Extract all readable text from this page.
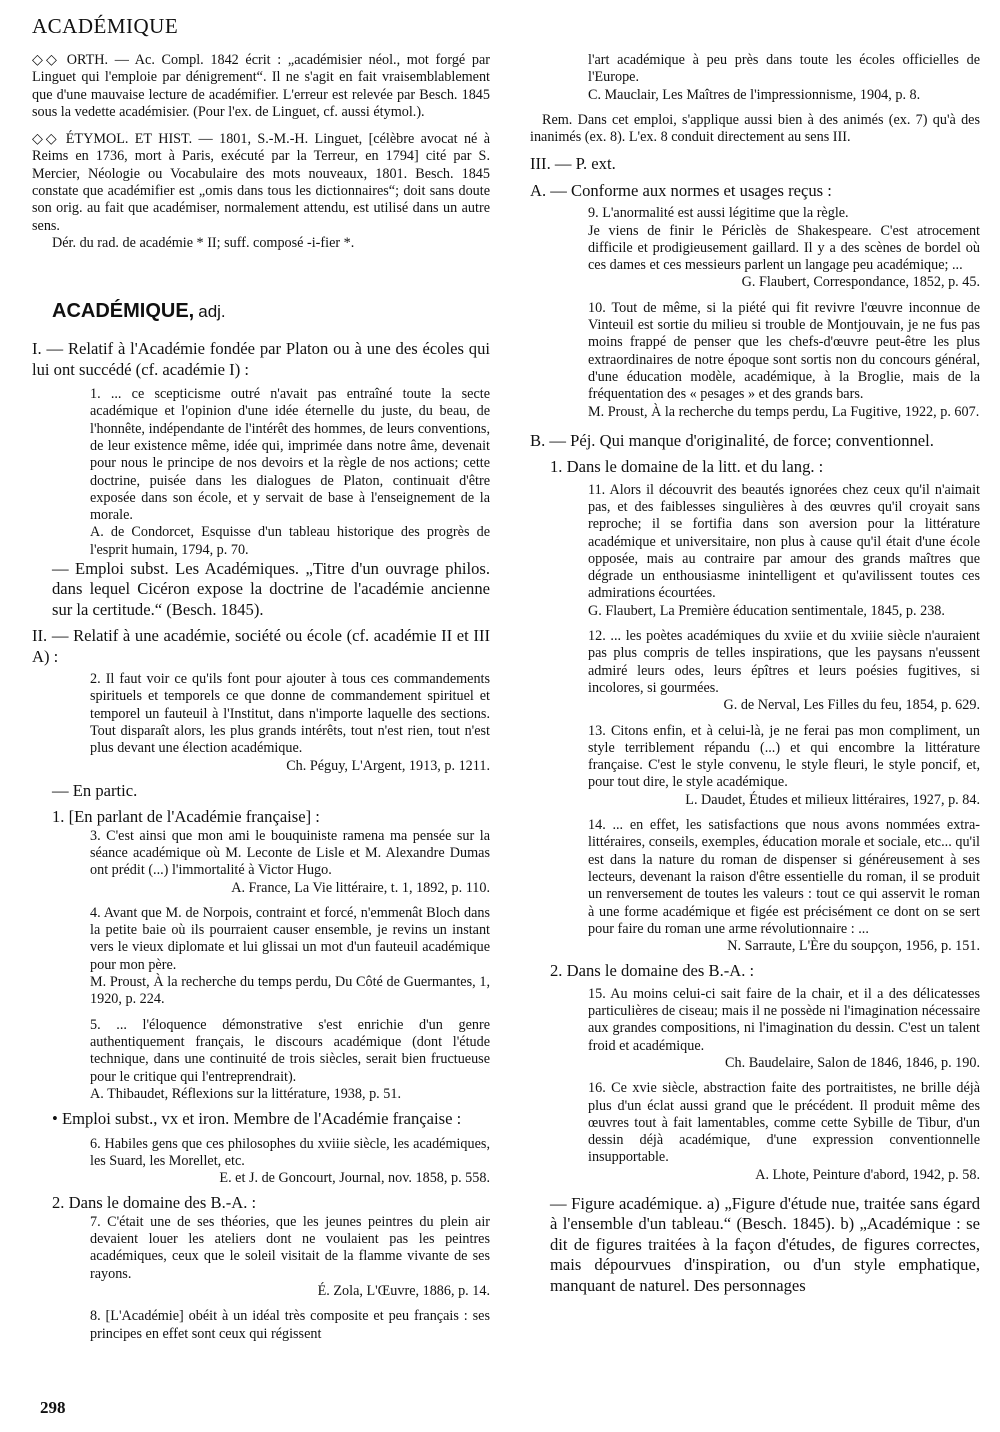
ACADÉMIQUE

◇◇ ORTH. — Ac. Compl. 1842 écrit : „académisier néol., mot forgé par Linguet qui l'emploie par dénigrement“. Il ne s'agit en fait vraisemblablement que d'une mauvaise lecture de académifier. L'erreur est relevée par Besch. 1845 sous la vedette académisier. (Pour l'ex. de Linguet, cf. aussi étymol.).

◇◇ ÉTYMOL. ET HIST. — 1801, S.-M.-H. Linguet, [célèbre avocat né à Reims en 1736, mort à Paris, exécuté par la Terreur, en 1794] cité par S. Mercier, Néologie ou Vocabulaire des mots nouveaux, 1801. Besch. 1845 constate que académifier est „omis dans tous les dictionnaires“; doit sans doute son orig. au fait que académiser, normalement attendu, est utilisé dans un autre sens.

Dér. du rad. de académie * II; suff. composé -i-fier *.

ACADÉMIQUE, adj.

I. — Relatif à l'Académie fondée par Platon ou à une des écoles qui lui ont succédé (cf. académie I) :

1. ... ce scepticisme outré n'avait pas entraîné toute la secte académique et l'opinion d'une idée éternelle du juste, du beau, de l'honnête, indépendante de l'intérêt des hommes, de leurs conventions, de leur existence même, idée qui, imprimée dans notre âme, devenait pour nous le principe de nos devoirs et la règle de nos actions; cette doctrine, puisée dans les dialogues de Platon, continuait d'être exposée dans son école, et y servait de base à l'enseignement de la morale.

A. de Condorcet, Esquisse d'un tableau historique des progrès de l'esprit humain, 1794, p. 70.

— Emploi subst. Les Académiques. „Titre d'un ouvrage philos. dans lequel Cicéron expose la doctrine de l'académie ancienne sur la certitude.“ (Besch. 1845).

II. — Relatif à une académie, société ou école (cf. académie II et III A) :

2. Il faut voir ce qu'ils font pour ajouter à tous ces commandements spirituels et temporels ce que donne de commandement spirituel et temporel un fauteuil à l'Institut, dans n'importe laquelle des sections. Tout disparaît alors, les plus grands intérêts, tout n'est rien, tout n'est plus devant une élection académique.

Ch. Péguy, L'Argent, 1913, p. 1211.

— En partic.

1. [En parlant de l'Académie française] :

3. C'est ainsi que mon ami le bouquiniste ramena ma pensée sur la séance académique où M. Leconte de Lisle et M. Alexandre Dumas ont prédit (...) l'immortalité à Victor Hugo.

A. France, La Vie littéraire, t. 1, 1892, p. 110.

4. Avant que M. de Norpois, contraint et forcé, n'emmenât Bloch dans la petite baie où ils pourraient causer ensemble, je revins un instant vers le vieux diplomate et lui glissai un mot d'un fauteuil académique pour mon père.

M. Proust, À la recherche du temps perdu, Du Côté de Guermantes, 1, 1920, p. 224.

5. ... l'éloquence démonstrative s'est enrichie d'un genre authentiquement français, le discours académique (dont l'étude technique, dans une continuité de trois siècles, serait bien fructueuse pour le critique qui l'entreprendrait).

A. Thibaudet, Réflexions sur la littérature, 1938, p. 51.

• Emploi subst., vx et iron. Membre de l'Académie française :

6. Habiles gens que ces philosophes du xviiie siècle, les académiques, les Suard, les Morellet, etc.

E. et J. de Goncourt, Journal, nov. 1858, p. 558.

2. Dans le domaine des B.-A. :

7. C'était une de ses théories, que les jeunes peintres du plein air devaient louer les ateliers dont ne voulaient pas les peintres académiques, ceux que le soleil visitait de la flamme vivante de ses rayons.

É. Zola, L'Œuvre, 1886, p. 14.

8. [L'Académie] obéit à un idéal très composite et peu français : ses principes en effet sont ceux qui régissent

l'art académique à peu près dans toute les écoles officielles de l'Europe.

C. Mauclair, Les Maîtres de l'impressionnisme, 1904, p. 8.

Rem. Dans cet emploi, s'applique aussi bien à des animés (ex. 7) qu'à des inanimés (ex. 8). L'ex. 8 conduit directement au sens III.

III. — P. ext.

A. — Conforme aux normes et usages reçus :

9. L'anormalité est aussi légitime que la règle.

Je viens de finir le Périclès de Shakespeare. C'est atrocement difficile et prodigieusement gaillard. Il y a des scènes de bordel où ces dames et ces messieurs parlent un langage peu académique; ...

G. Flaubert, Correspondance, 1852, p. 45.

10. Tout de même, si la piété qui fit revivre l'œuvre inconnue de Vinteuil est sortie du milieu si trouble de Montjouvain, je ne fus pas moins frappé de penser que les chefs-d'œuvre peut-être les plus extraordinaires de notre époque sont sortis non du concours général, d'une éducation modèle, académique, à la Broglie, mais de la fréquentation des « pesages » et des grands bars.

M. Proust, À la recherche du temps perdu, La Fugitive, 1922, p. 607.

B. — Péj. Qui manque d'originalité, de force; conventionnel.

1. Dans le domaine de la litt. et du lang. :

11. Alors il découvrit des beautés ignorées chez ceux qu'il n'aimait pas, et des faiblesses singulières à des œuvres qu'il croyait sans reproche; il se fortifia dans son aversion pour la littérature académique et universitaire, non plus à cause qu'il était d'une école opposée, mais au contraire par amour des grands maîtres que dégrade un enthousiasme inintelligent et qu'avilissent toutes ces admirations écourtées.

G. Flaubert, La Première éducation sentimentale, 1845, p. 238.

12. ... les poètes académiques du xviie et du xviiie siècle n'auraient pas plus compris de telles inspirations, que les paysans n'eussent admiré leurs odes, leurs épîtres et leurs poésies fugitives, si incolores, si gourmées.

G. de Nerval, Les Filles du feu, 1854, p. 629.

13. Citons enfin, et à celui-là, je ne ferai pas mon compliment, un style terriblement répandu (...) et qui encombre la littérature française. C'est le style convenu, le style fleuri, le style poncif, et, pour tout dire, le style académique.

L. Daudet, Études et milieux littéraires, 1927, p. 84.

14. ... en effet, les satisfactions que nous avons nommées extra-littéraires, conseils, exemples, éducation morale et sociale, etc... qu'il est dans la nature du roman de dispenser si généreusement à ses lecteurs, devenant la raison d'être essentielle du roman, il se produit un renversement de toutes les valeurs : tout ce qui asservit le roman à une forme académique et figée est précisément ce dont on se sert pour faire du roman une arme révolutionnaire : ...

N. Sarraute, L'Ère du soupçon, 1956, p. 151.

2. Dans le domaine des B.-A. :

15. Au moins celui-ci sait faire de la chair, et il a des délicatesses particulières de ciseau; mais il ne possède ni l'imagination nécessaire aux grandes compositions, ni l'imagination du dessin. C'est un talent froid et académique.

Ch. Baudelaire, Salon de 1846, 1846, p. 190.

16. Ce xvie siècle, abstraction faite des portraitistes, ne brille déjà plus d'un éclat aussi grand que le précédent. Il produit même des œuvres tout à fait lamentables, comme cette Sybille de Tibur, d'un dessin déjà académique, d'une expression conventionnelle insupportable.

A. Lhote, Peinture d'abord, 1942, p. 58.

— Figure académique. a) „Figure d'étude nue, traitée sans égard à l'ensemble d'un tableau.“ (Besch. 1845). b) „Académique : se dit de figures traitées à la façon d'études, de figures correctes, mais dépourvues d'inspiration, ou d'un style emphatique, manquant de naturel. Des personnages

298
